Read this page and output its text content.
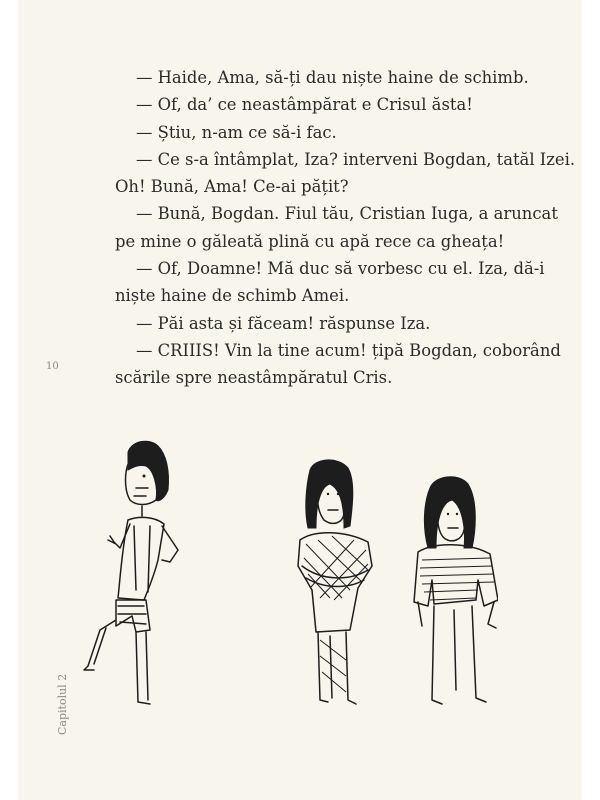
— Haide, Ama, să-ți dau niște haine de schimb.
— Of, da’ ce neastâmpărat e Crisul ăsta!
— Știu, n-am ce să-i fac.
— Ce s-a întâmplat, Iza? interveni Bogdan, tatăl Izei.
Oh! Bună, Ama! Ce-ai pățit?
— Bună, Bogdan. Fiul tău, Cristian Iuga, a aruncat
pe mine o găleată plină cu apă rece ca gheața!
— Of, Doamne! Mă duc să vorbesc cu el. Iza, dă-i
niște haine de schimb Amei.
— Păi asta și făceam! răspunse Iza.
— CRIIIS! Vin la tine acum! țipă Bogdan, coborând
scările spre neastâmpăratul Cris.
10
Capitolul 2
